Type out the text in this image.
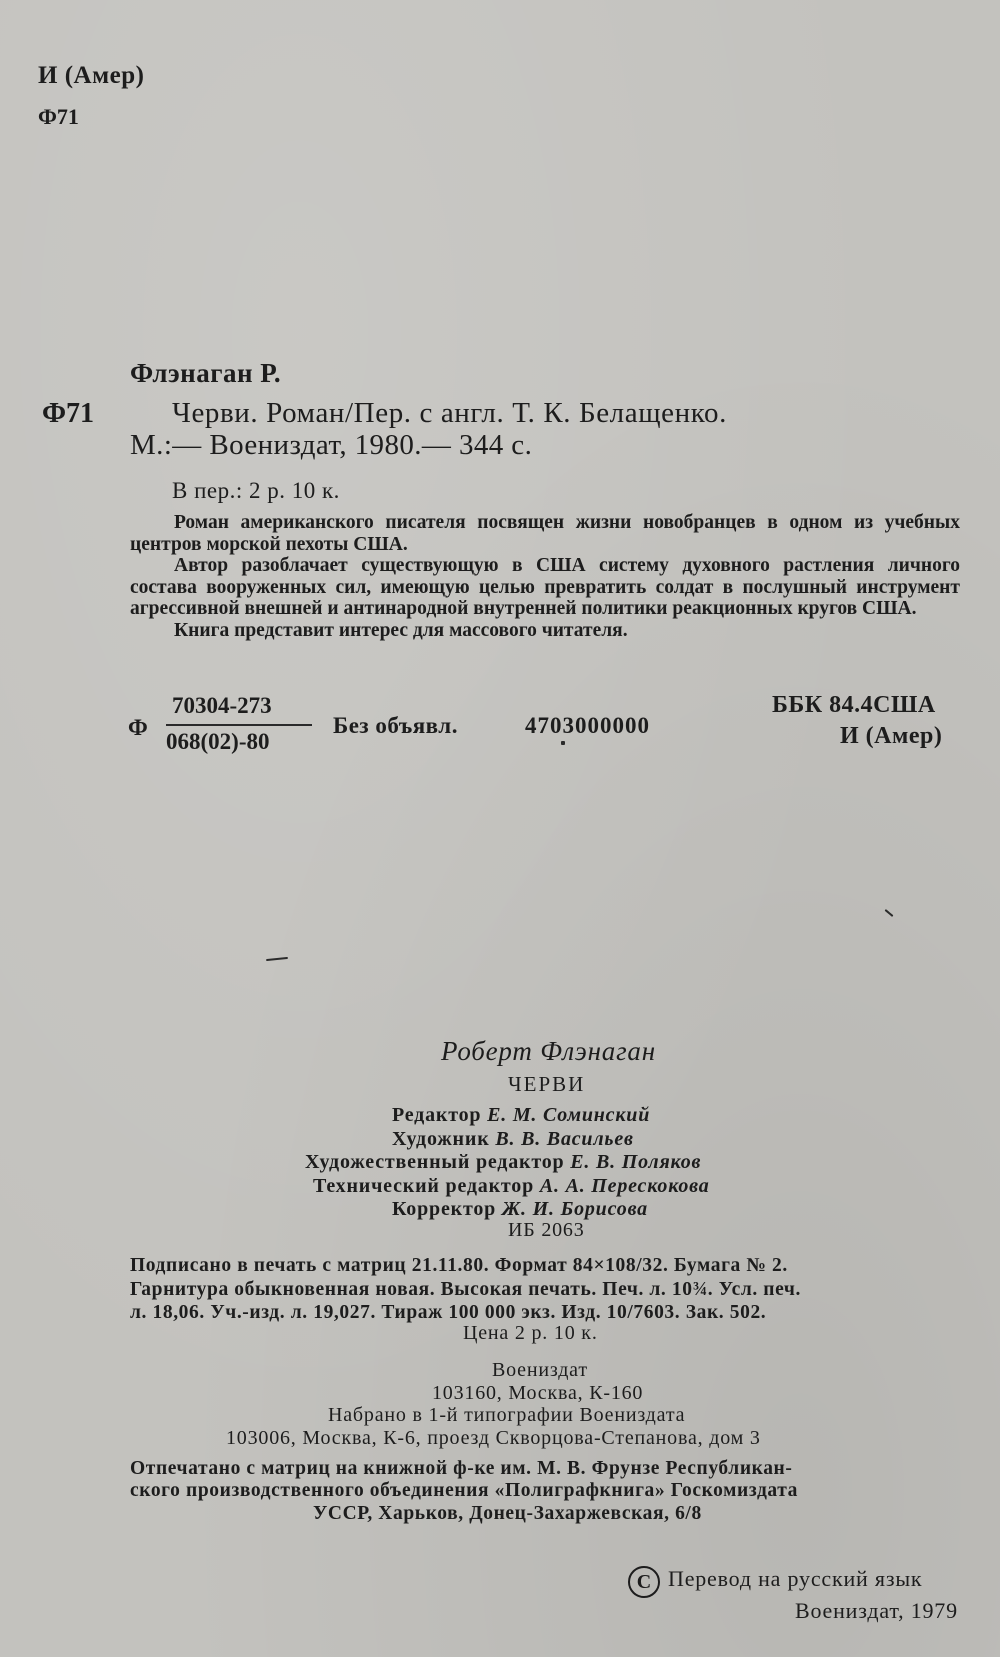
И (Амер)
Ф71
Флэнаган Р.
Ф71	Черви. Роман/Пер. с англ. Т. К. Белащенко.
М.:— Воениздат, 1980.— 344 с.
В пер.: 2 р. 10 к.

Роман американского писателя посвящен жизни новобранцев в одном из учебных центров морской пехоты США.

Автор разоблачает существующую в США систему духовного растления личного состава вооруженных сил, имеющую целью превратить солдат в послушный инструмент агрессивной внешней и антинародной внутренней политики реакционных кругов США.

Книга представит интерес для массового читателя.

Ф
70304-273
068(02)-80
Без объявл.	4703000000
ББК 84.4США
И (Амер)
Роберт Флэнаган
ЧЕРВИ
Редактор Е. М. Соминский
Художник В. В. Васильев
Художественный редактор Е. В. Поляков
Технический редактор А. А. Перескокова
Корректор Ж. И. Борисова
ИБ 2063
Подписано в печать с матриц 21.11.80. Формат 84×108/32. Бумага № 2.
Гарнитура обыкновенная новая. Высокая печать. Печ. л. 10¾. Усл. печ.
л. 18,06. Уч.-изд. л. 19,027. Тираж 100 000 экз. Изд. 10/7603. Зак. 502.
Цена 2 р. 10 к.
Воениздат
103160, Москва, К-160
Набрано в 1-й типографии Воениздата
103006, Москва, К-6, проезд Скворцова-Степанова, дом 3
Отпечатано с матриц на книжной ф-ке им. М. В. Фрунзе Республикан-
ского производственного объединения «Полиграфкнига» Госкомиздата
УССР, Харьков, Донец-Захаржевская, 6/8
C Перевод на русский язык
Воениздат, 1979
